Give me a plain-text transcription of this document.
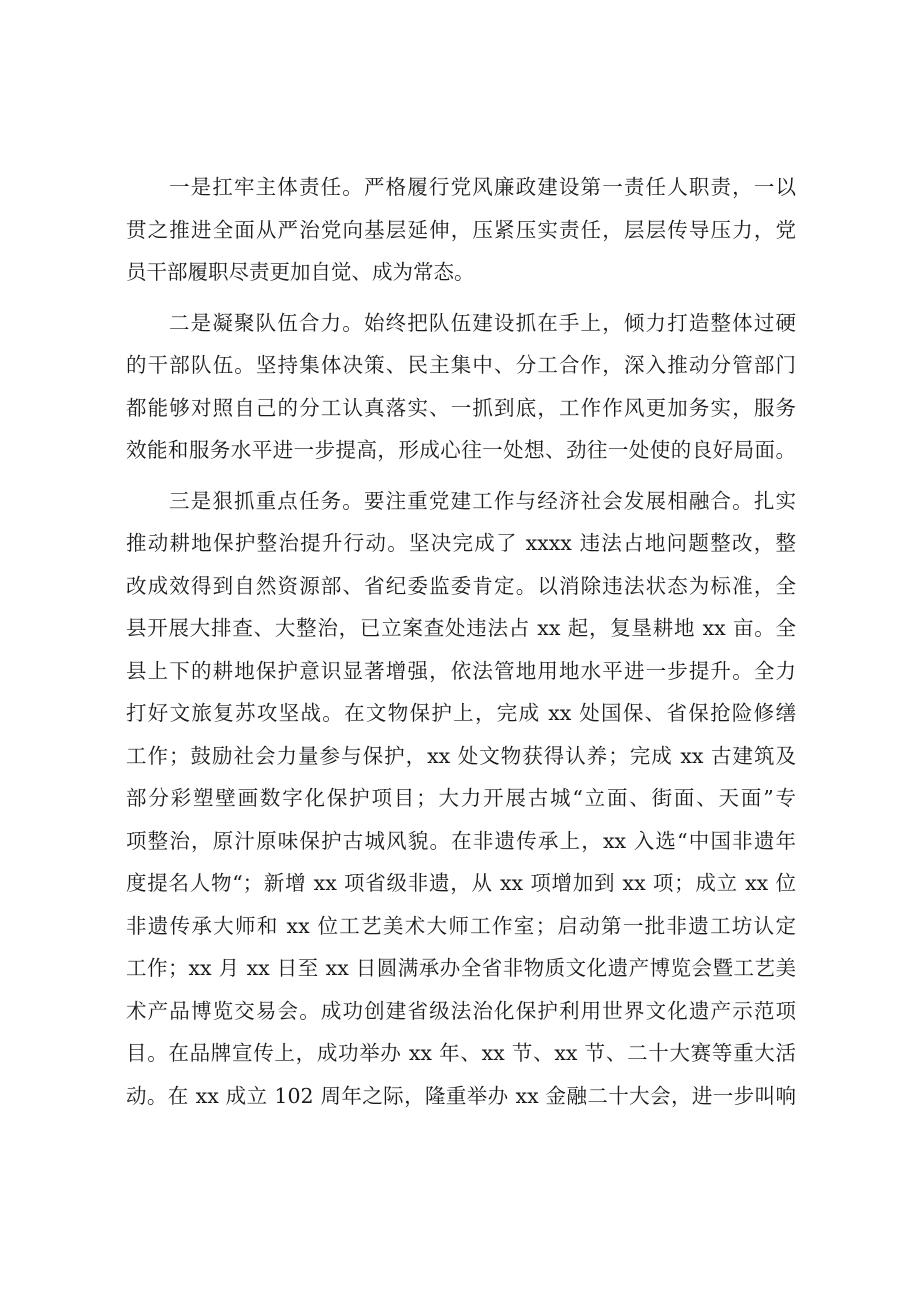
一是扛牢主体责任。严格履行党风廉政建设第一责任人职责，一以
贯之推进全面从严治党向基层延伸，压紧压实责任，层层传导压力，党
员干部履职尽责更加自觉、成为常态。
二是凝聚队伍合力。始终把队伍建设抓在手上，倾力打造整体过硬
的干部队伍。坚持集体决策、民主集中、分工合作，深入推动分管部门
都能够对照自己的分工认真落实、一抓到底，工作作风更加务实，服务
效能和服务水平进一步提高，形成心往一处想、劲往一处使的良好局面。
三是狠抓重点任务。要注重党建工作与经济社会发展相融合。扎实
推动耕地保护整治提升行动。坚决完成了 xxxx 违法占地问题整改，整
改成效得到自然资源部、省纪委监委肯定。以消除违法状态为标准，全
县开展大排查、大整治，已立案查处违法占 xx 起，复垦耕地 xx 亩。全
县上下的耕地保护意识显著增强，依法管地用地水平进一步提升。全力
打好文旅复苏攻坚战。在文物保护上，完成 xx 处国保、省保抢险修缮
工作；鼓励社会力量参与保护，xx 处文物获得认养；完成 xx 古建筑及
部分彩塑壁画数字化保护项目；大力开展古城“立面、街面、天面”专
项整治，原汁原味保护古城风貌。在非遗传承上，xx 入选“中国非遗年
度提名人物“；新增 xx 项省级非遗，从 xx 项增加到 xx 项；成立 xx 位
非遗传承大师和 xx 位工艺美术大师工作室；启动第一批非遗工坊认定
工作；xx 月 xx 日至 xx 日圆满承办全省非物质文化遗产博览会暨工艺美
术产品博览交易会。成功创建省级法治化保护利用世界文化遗产示范项
目。在品牌宣传上，成功举办 xx 年、xx 节、xx 节、二十大赛等重大活
动。在 xx 成立 102 周年之际，隆重举办 xx 金融二十大会，进一步叫响
